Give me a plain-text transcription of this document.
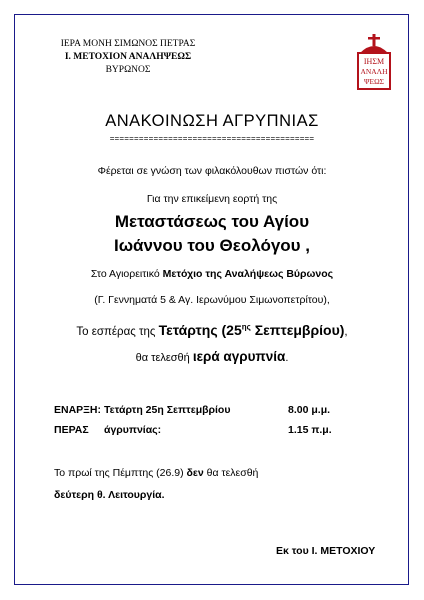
ΙΕΡΑ ΜΟΝΗ ΣΙΜΩΝΟΣ ΠΕΤΡΑΣ
Ι. ΜΕΤΟΧΙΟΝ ΑΝΑΛΗΨΕΩΣ
ΒΥΡΩΝΟΣ
ΙΗΣΜ
ΑΝΑΛΗ
ΨΕΩΣ
ΑΝΑΚΟΙΝΩΣΗ ΑΓΡΥΠΝΙΑΣ
==========================================
Φέρεται σε γνώση των φιλακόλουθων πιστών ότι:
Για την επικείμενη εορτή της
Μεταστάσεως του Αγίου
Ιωάννου του Θεολόγου ,
Στο Αγιορειτικό Μετόχιο της Αναλήψεως Βύρωνος
(Γ. Γεννηματά 5 & Αγ. Ιερωνύμου Σιμωνοπετρίτου),
Το εσπέρας της Τετάρτης ($25^{\eta\varsigma}$ Σεπτεμβρίου),
θα τελεσθή ιερά αγρυπνία.
ΕΝΑΡΞΗ: Τετάρτη 25η Σεπτεμβρίου	8.00 μ.μ.
ΠΕΡΑΣ άγρυπνίας:	1.15 π.μ.
Το πρωί της Πέμπτης (26.9) δεν θα τελεσθή
δεύτερη θ. Λειτουργία.
Εκ του Ι. ΜΕΤΟΧΙΟΥ
